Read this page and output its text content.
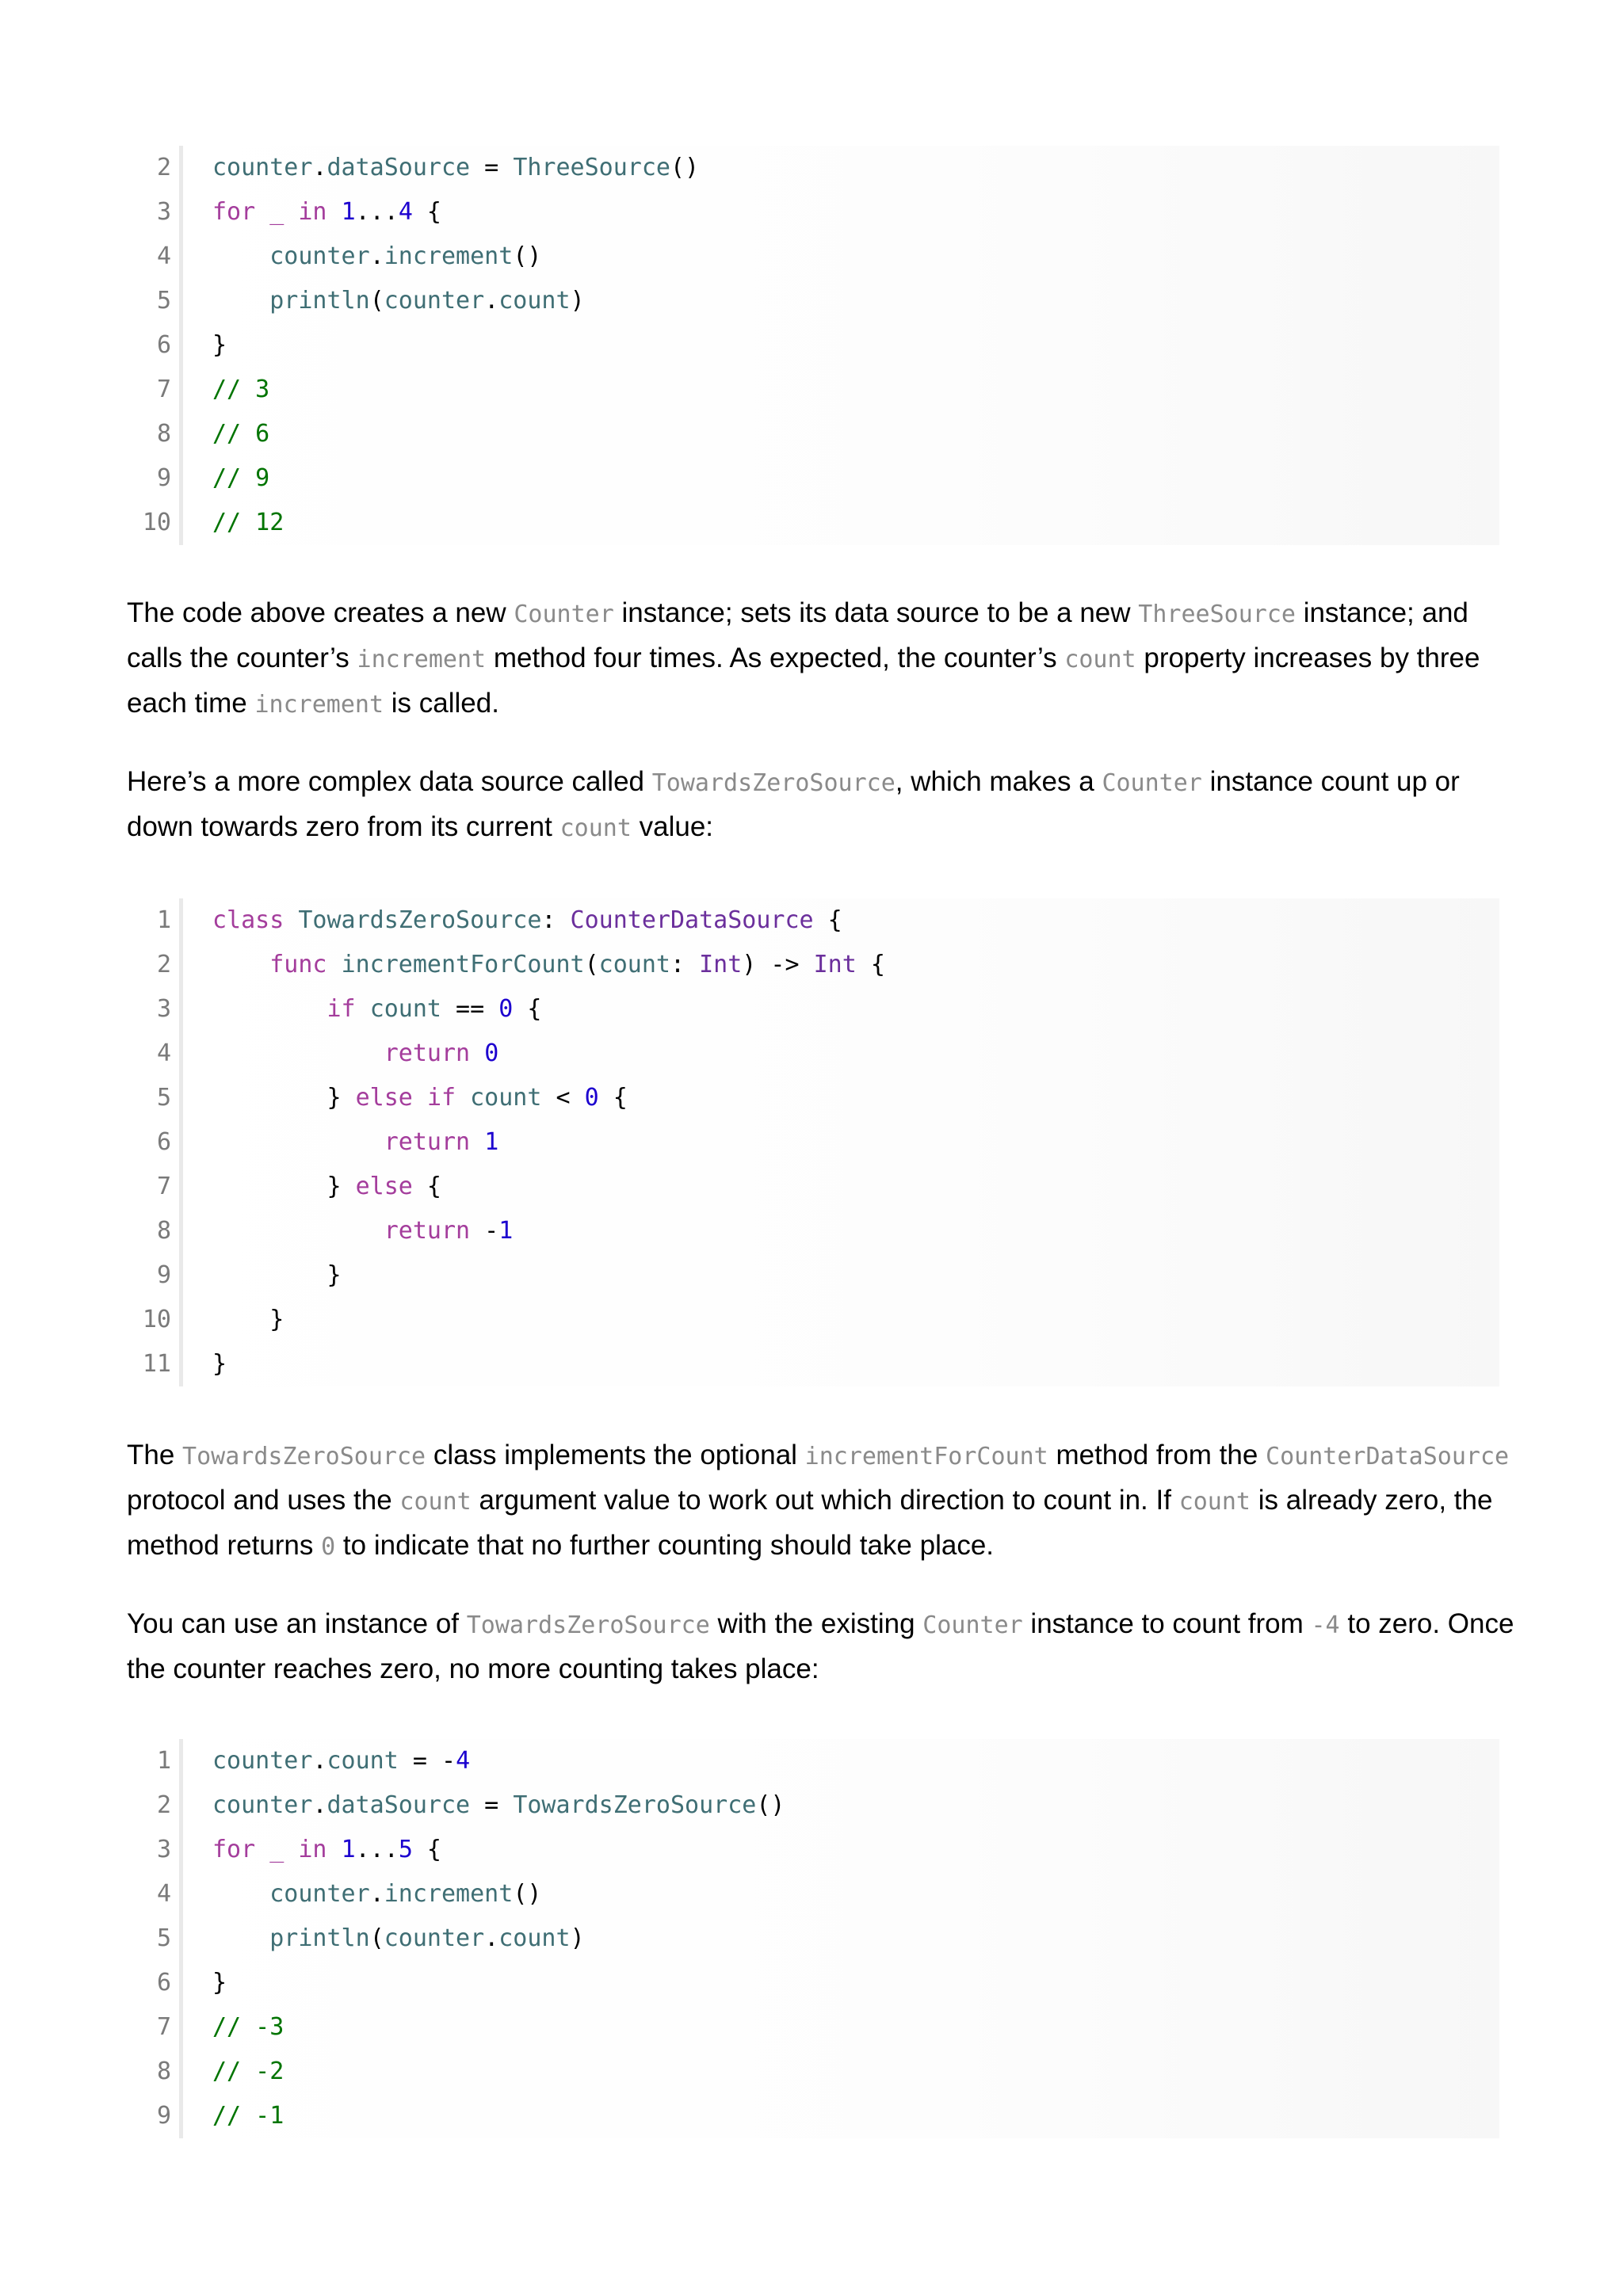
2 counter.dataSource = ThreeSource()
3 for _ in 1...4 {
4	counter.increment()
5	println(counter.count)
6 }
7 // 3
8 // 6
9 // 9
10 // 12

The code above creates a new Counter instance; sets its data source to be a new ThreeSource instance; and calls the counter’s increment method four times. As expected, the counter’s count property increases by three each time increment is called.

Here’s a more complex data source called TowardsZeroSource, which makes a Counter instance count up or down towards zero from its current count value:

1 class TowardsZeroSource: CounterDataSource {
2	func incrementForCount(count: Int) -> Int {
3	if count == 0 {
4	return 0
5 } else if count < 0 {
6	return 1
7 } else {
8	return -1
9 }
10 }
11 }

The TowardsZeroSource class implements the optional incrementForCount method from the CounterDataSource protocol and uses the count argument value to work out which direction to count in. If count is already zero, the method returns 0 to indicate that no further counting should take place.

You can use an instance of TowardsZeroSource with the existing Counter instance to count from -4 to zero. Once the counter reaches zero, no more counting takes place:

1 counter.count = -4
2 counter.dataSource = TowardsZeroSource()
3 for _ in 1...5 {
4	counter.increment()
5	println(counter.count)
6 }
7 // -3
8 // -2
9 // -1
